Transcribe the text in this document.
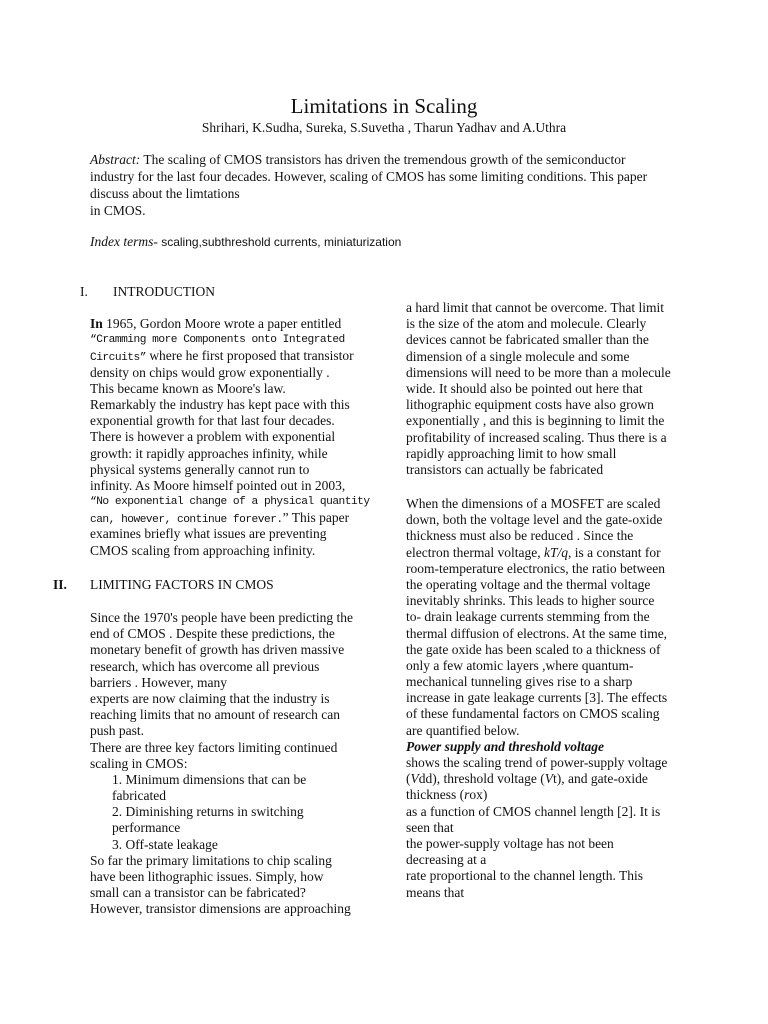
Limitations in Scaling
Shrihari, K.Sudha, Sureka, S.Suvetha , Tharun Yadhav and A.Uthra

Abstract: The scaling of CMOS transistors has driven the tremendous growth of the semiconductor

industry for the last four decades. However, scaling of CMOS has some limiting conditions. This paper

discuss about the limtations

in CMOS.

Index terms- scaling,subthreshold currents, miniaturization
I. INTRODUCTION
In 1965, Gordon Moore wrote a paper entitled
“Cramming more Components onto Integrated
Circuits” where he first proposed that transistor
density on chips would grow exponentially .
This became known as Moore's law.
Remarkably the industry has kept pace with this
exponential growth for that last four decades.
There is however a problem with exponential
growth: it rapidly approaches infinity, while
physical systems generally cannot run to
infinity. As Moore himself pointed out in 2003,
“No exponential change of a physical quantity
can, however, continue forever.” This paper
examines briefly what issues are preventing
CMOS scaling from approaching infinity.
II. LIMITING FACTORS IN CMOS
Since the 1970's people have been predicting the
end of CMOS . Despite these predictions, the
monetary benefit of growth has driven massive
research, which has overcome all previous
barriers . However, many
experts are now claiming that the industry is
reaching limits that no amount of research can
push past.
There are three key factors limiting continued
scaling in CMOS:
1. Minimum dimensions that can be
fabricated
2. Diminishing returns in switching
performance
3. Off-state leakage
So far the primary limitations to chip scaling
have been lithographic issues. Simply, how
small can a transistor can be fabricated?
However, transistor dimensions are approaching
a hard limit that cannot be overcome. That limit
is the size of the atom and molecule. Clearly
devices cannot be fabricated smaller than the
dimension of a single molecule and some
dimensions will need to be more than a molecule
wide. It should also be pointed out here that
lithographic equipment costs have also grown
exponentially , and this is beginning to limit the
profitability of increased scaling. Thus there is a
rapidly approaching limit to how small
transistors can actually be fabricated
When the dimensions of a MOSFET are scaled
down, both the voltage level and the gate-oxide
thickness must also be reduced . Since the
electron thermal voltage, kT/q, is a constant for
room-temperature electronics, the ratio between
the operating voltage and the thermal voltage
inevitably shrinks. This leads to higher source
to- drain leakage currents stemming from the
thermal diffusion of electrons. At the same time,
the gate oxide has been scaled to a thickness of
only a few atomic layers ,where quantum-
mechanical tunneling gives rise to a sharp
increase in gate leakage currents [3]. The effects
of these fundamental factors on CMOS scaling
are quantified below.
Power supply and threshold voltage
shows the scaling trend of power-supply voltage
(Vdd), threshold voltage (Vt), and gate-oxide
thickness (rox)
as a function of CMOS channel length [2]. It is
seen that
the power-supply voltage has not been
decreasing at a
rate proportional to the channel length. This
means that
